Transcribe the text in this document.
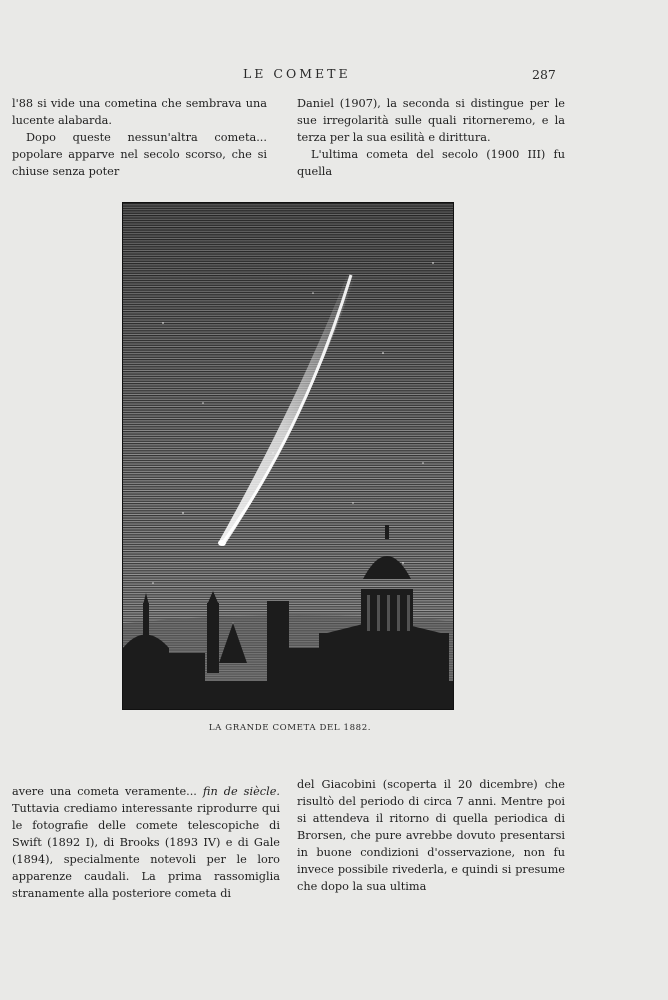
LE COMETE	287

l'88 si vide una cometina che sembrava una lucente alabarda.

Dopo queste nessun'altra cometa... popolare apparve nel secolo scorso, che si chiuse senza poter

Daniel (1907), la seconda si distingue per le sue irregolarità sulle quali ritorneremo, e la terza per la sua esilità e dirittura.

L'ultima cometa del secolo (1900 III) fu quella

LA GRANDE COMETA DEL 1882.

avere una cometa veramente... fin de siècle. Tuttavia crediamo interessante riprodurre qui le fotografie delle comete telescopiche di Swift (1892 I), di Brooks (1893 IV) e di Gale (1894), specialmente notevoli per le loro apparenze caudali. La prima rassomiglia stranamente alla posteriore cometa di

del Giacobini (scoperta il 20 dicembre) che risultò del periodo di circa 7 anni. Mentre poi si attendeva il ritorno di quella periodica di Brorsen, che pure avrebbe dovuto presentarsi in buone condizioni d'osservazione, non fu invece possibile rivederla, e quindi si presume che dopo la sua ultima
